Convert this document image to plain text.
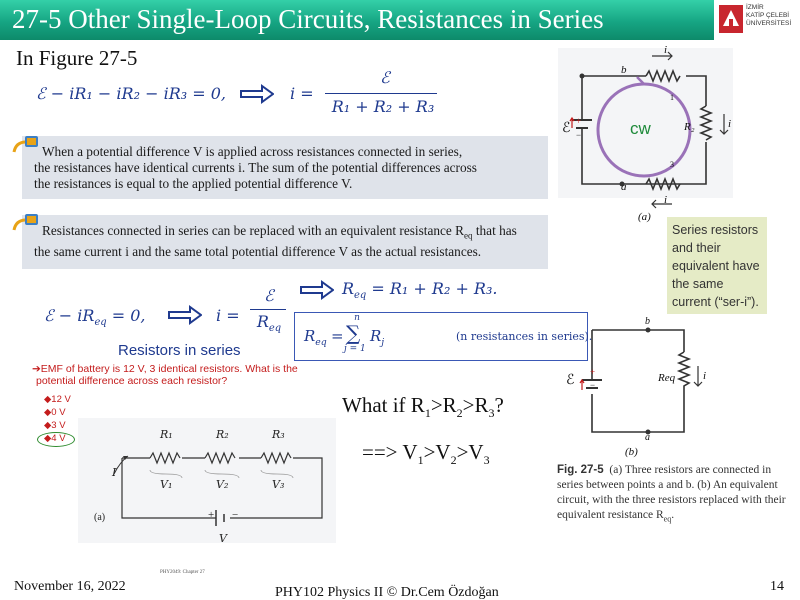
27-5 Other Single-Loop Circuits, Resistances in Series	İZMİR
KATİP ÇELEBİ
ÜNİVERSİTESİ
In Figure 27-5
ℰ − iR₁ − iR₂ − iR₃ = 0,	i =
ℰ
R₁ + R₂ + R₃
When a potential difference V is applied across resistances connected in series,
the resistances have identical currents i. The sum of the potential differences across
the resistances is equal to the applied potential difference V.
Resistances connected in series can be replaced with an equivalent resistance $R_{eq}$ that has
the same current i and the same total potential difference V as the actual resistances.
ℰ − $iR_{eq} = 0$,	i =
ℰ
$R_{eq}$
$R_{eq} = R_1 + R_2 + R_3$.
$R_{eq}$ =
n
∑
j = 1
$R_j$	(n resistances in series).
Resistors in series
➔EMF of battery is 12 V, 3 identical resistors. What is the
potential difference across each resistor?
◆12 V
◆0 V
◆3 V
◆4 V	R₁	R₂	R₃
V₁	V₂	V₃
I
V
+ −
(a)
PHY2049: Chapter 27
What if $R_1>R_2>R_3$?
==> $V_1>V_2>V_3$
b
a
i
i
i
R₂
ℰ +
−	cw
1
3
(a)
Series resistors and their equivalent have the same current (“ser-i”).
b
a
Req	i
ℰ
+
−
(b)
Fig. 27-5 (a) Three resistors are connected in series between points a and b. (b) An equivalent circuit, with the three resistors replaced with their equivalent resistance $R_{eq}$.
November 16, 2022	PHY102 Physics II © Dr.Cem Özdoğan	14
